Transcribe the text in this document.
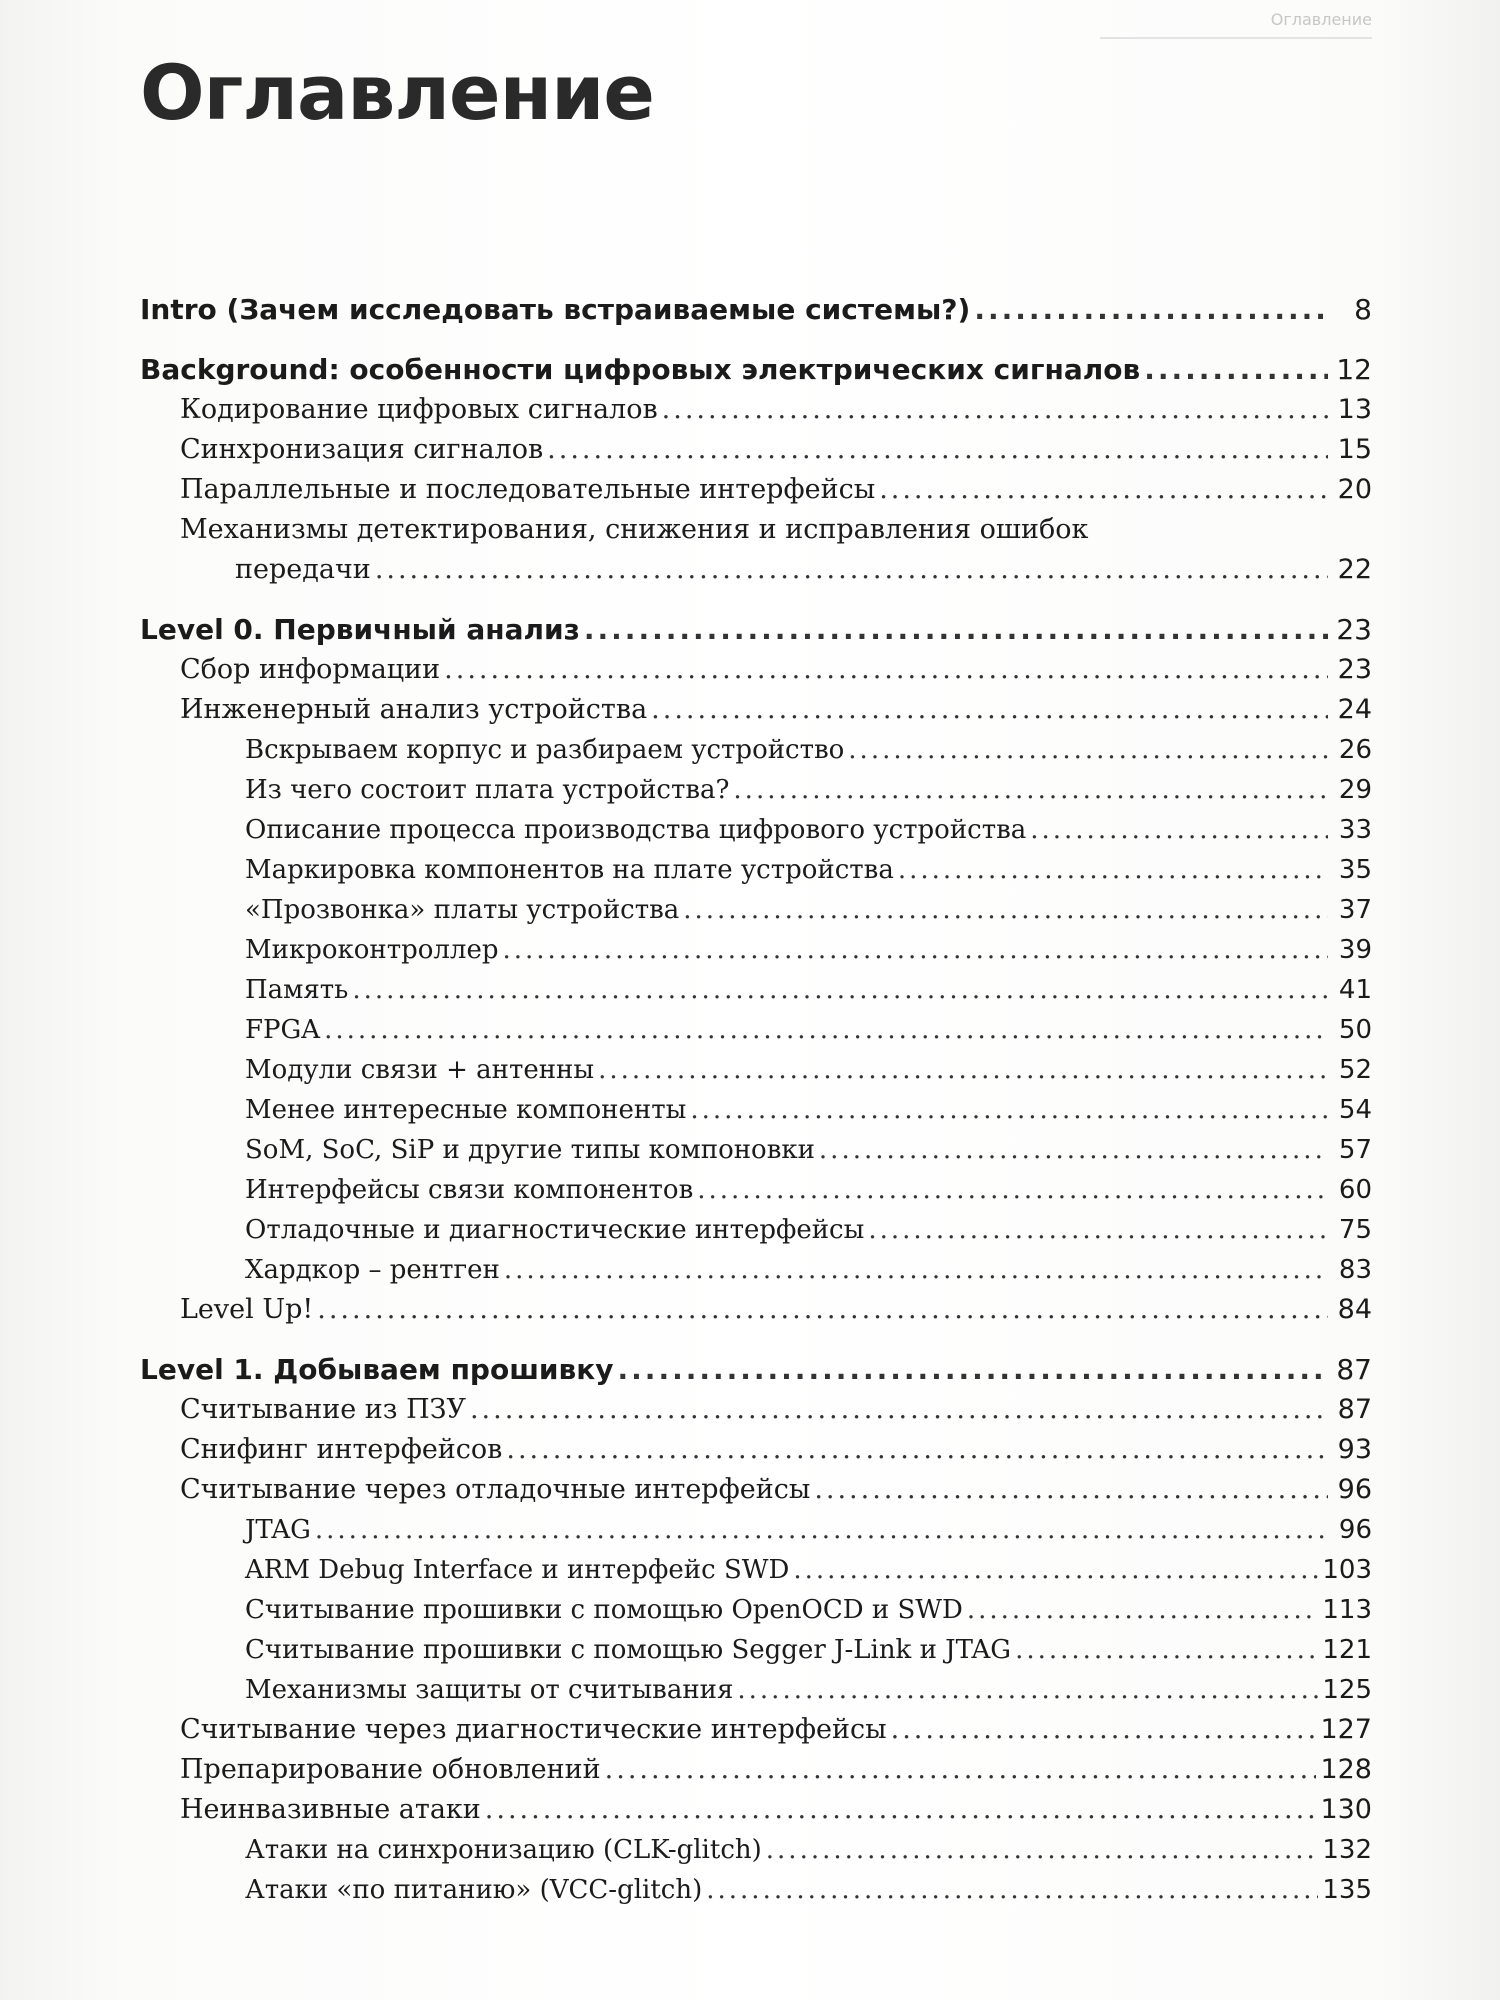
Оглавление
Оглавление
Intro (Зачем исследовать встраиваемые системы?) .....	8
Background: особенности цифровых электрических сигналов .....	12
Кодирование цифровых сигналов .....	13
Синхронизация сигналов .....	15
Параллельные и последовательные интерфейсы .....	20
Механизмы детектирования, снижения и исправления ошибок
передачи .....	22
Level 0. Первичный анализ .....	23
Сбор информации .....	23
Инженерный анализ устройства .....	24
Вскрываем корпус и разбираем устройство .....	26
Из чего состоит плата устройства? .....	29
Описание процесса производства цифрового устройства .....	33
Маркировка компонентов на плате устройства .....	35
«Прозвонка» платы устройства .....	37
Микроконтроллер .....	39
Память .....	41
FPGA .....	50
Модули связи + антенны .....	52
Менее интересные компоненты .....	54
SoM, SoC, SiP и другие типы компоновки .....	57
Интерфейсы связи компонентов .....	60
Отладочные и диагностические интерфейсы .....	75
Хардкор – рентген .....	83
Level Up! .....	84
Level 1. Добываем прошивку .....	87
Считывание из ПЗУ .....	87
Снифинг интерфейсов .....	93
Считывание через отладочные интерфейсы .....	96
JTAG .....	96
ARM Debug Interface и интерфейс SWD .....	103
Считывание прошивки с помощью OpenOCD и SWD .....	113
Считывание прошивки с помощью Segger J-Link и JTAG .....	121
Механизмы защиты от считывания .....	125
Считывание через диагностические интерфейсы .....	127
Препарирование обновлений .....	128
Неинвазивные атаки .....	130
Атаки на синхронизацию (CLK-glitch) .....	132
Атаки «по питанию» (VCC-glitch) .....	135
